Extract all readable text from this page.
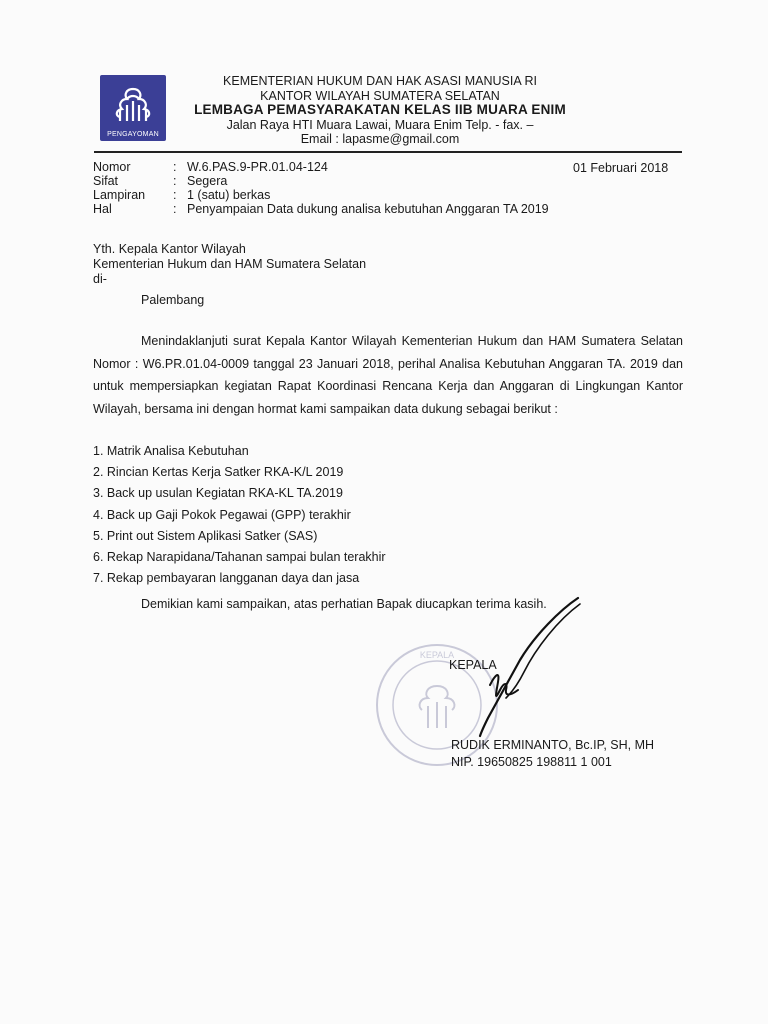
PENGAYOMAN
KEMENTERIAN HUKUM DAN HAK ASASI MANUSIA RI
KANTOR WILAYAH SUMATERA SELATAN
LEMBAGA PEMASYARAKATAN KELAS IIB MUARA ENIM
Jalan Raya HTI Muara Lawai, Muara Enim Telp. - fax. –
Email : lapasme@gmail.com
Nomor	: W.6.PAS.9-PR.01.04-124
Sifat	: Segera
Lampiran	: 1 (satu) berkas
Hal	: Penyampaian Data dukung analisa kebutuhan Anggaran TA 2019
01 Februari 2018
Yth. Kepala Kantor Wilayah
Kementerian Hukum dan HAM Sumatera Selatan
di-
Palembang
Menindaklanjuti surat Kepala Kantor Wilayah Kementerian Hukum dan HAM Sumatera Selatan Nomor : W6.PR.01.04-0009 tanggal 23 Januari 2018, perihal Analisa Kebutuhan Anggaran TA. 2019 dan untuk mempersiapkan kegiatan Rapat Koordinasi Rencana Kerja dan Anggaran di Lingkungan Kantor Wilayah, bersama ini dengan hormat kami sampaikan data dukung sebagai berikut :
1. Matrik Analisa Kebutuhan
2. Rincian Kertas Kerja Satker RKA-K/L 2019
3. Back up usulan Kegiatan RKA-KL TA.2019
4. Back up Gaji Pokok Pegawai (GPP) terakhir
5. Print out Sistem Aplikasi Satker (SAS)
6. Rekap Narapidana/Tahanan sampai bulan terakhir
7. Rekap pembayaran langganan daya dan jasa
Demikian kami sampaikan, atas perhatian Bapak diucapkan terima kasih.
KEPALA
KEPALA
RUDIK ERMINANTO, Bc.IP, SH, MH
NIP. 19650825 198811 1 001
